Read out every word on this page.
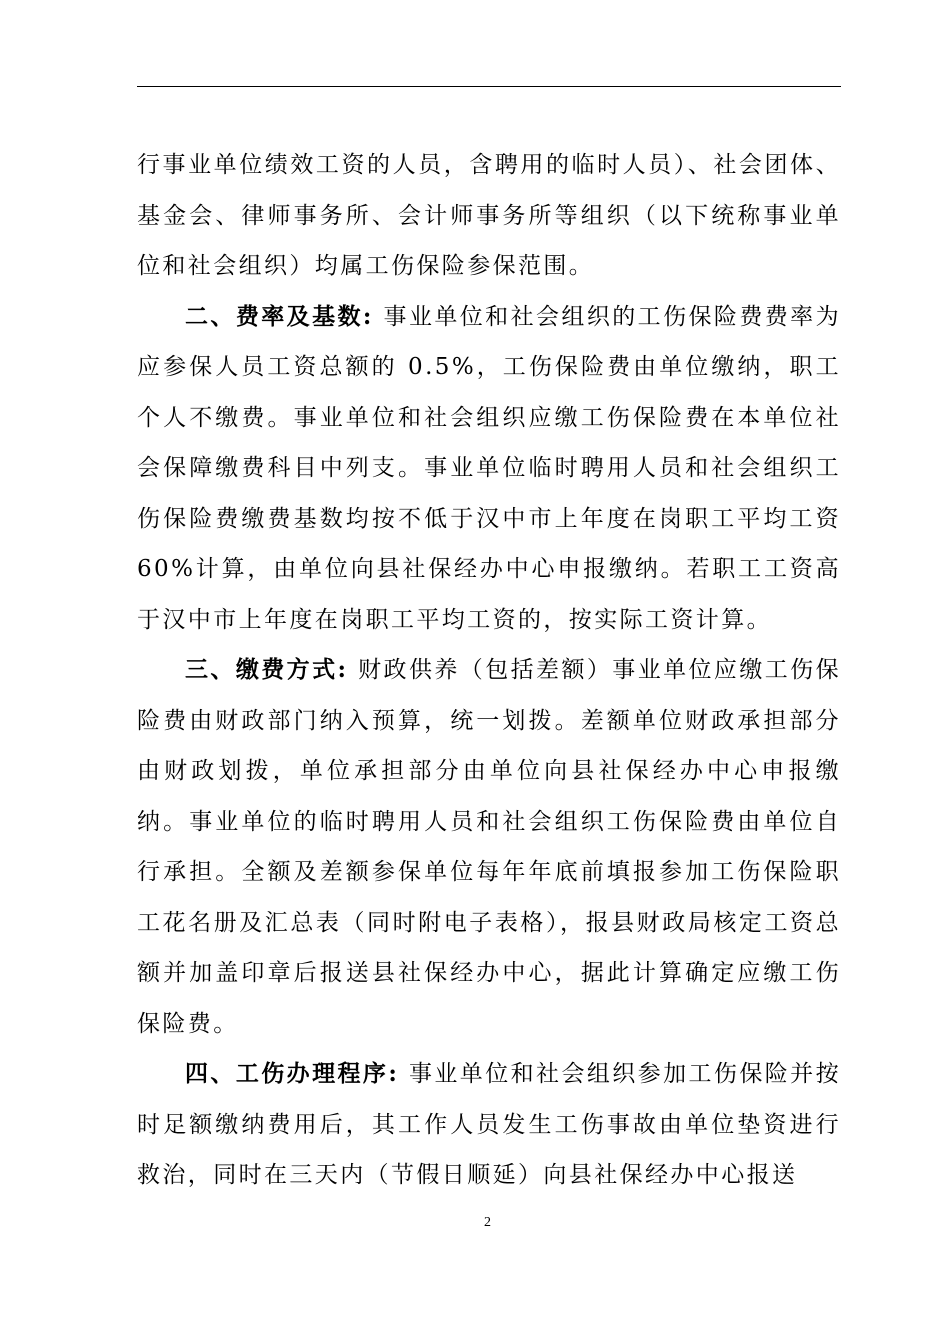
行事业单位绩效工资的人员，含聘用的临时人员）、社会团体、基金会、律师事务所、会计师事务所等组织（以下统称事业单位和社会组织）均属工伤保险参保范围。

二、费率及基数: 事业单位和社会组织的工伤保险费费率为应参保人员工资总额的 0.5%，工伤保险费由单位缴纳，职工个人不缴费。事业单位和社会组织应缴工伤保险费在本单位社会保障缴费科目中列支。事业单位临时聘用人员和社会组织工伤保险费缴费基数均按不低于汉中市上年度在岗职工平均工资 60%计算，由单位向县社保经办中心申报缴纳。若职工工资高于汉中市上年度在岗职工平均工资的，按实际工资计算。

三、缴费方式: 财政供养（包括差额）事业单位应缴工伤保险费由财政部门纳入预算，统一划拨。差额单位财政承担部分由财政划拨，单位承担部分由单位向县社保经办中心申报缴纳。事业单位的临时聘用人员和社会组织工伤保险费由单位自行承担。全额及差额参保单位每年年底前填报参加工伤保险职工花名册及汇总表（同时附电子表格），报县财政局核定工资总额并加盖印章后报送县社保经办中心，据此计算确定应缴工伤保险费。

四、工伤办理程序: 事业单位和社会组织参加工伤保险并按时足额缴纳费用后，其工作人员发生工伤事故由单位垫资进行救治，同时在三天内（节假日顺延）向县社保经办中心报送

2
